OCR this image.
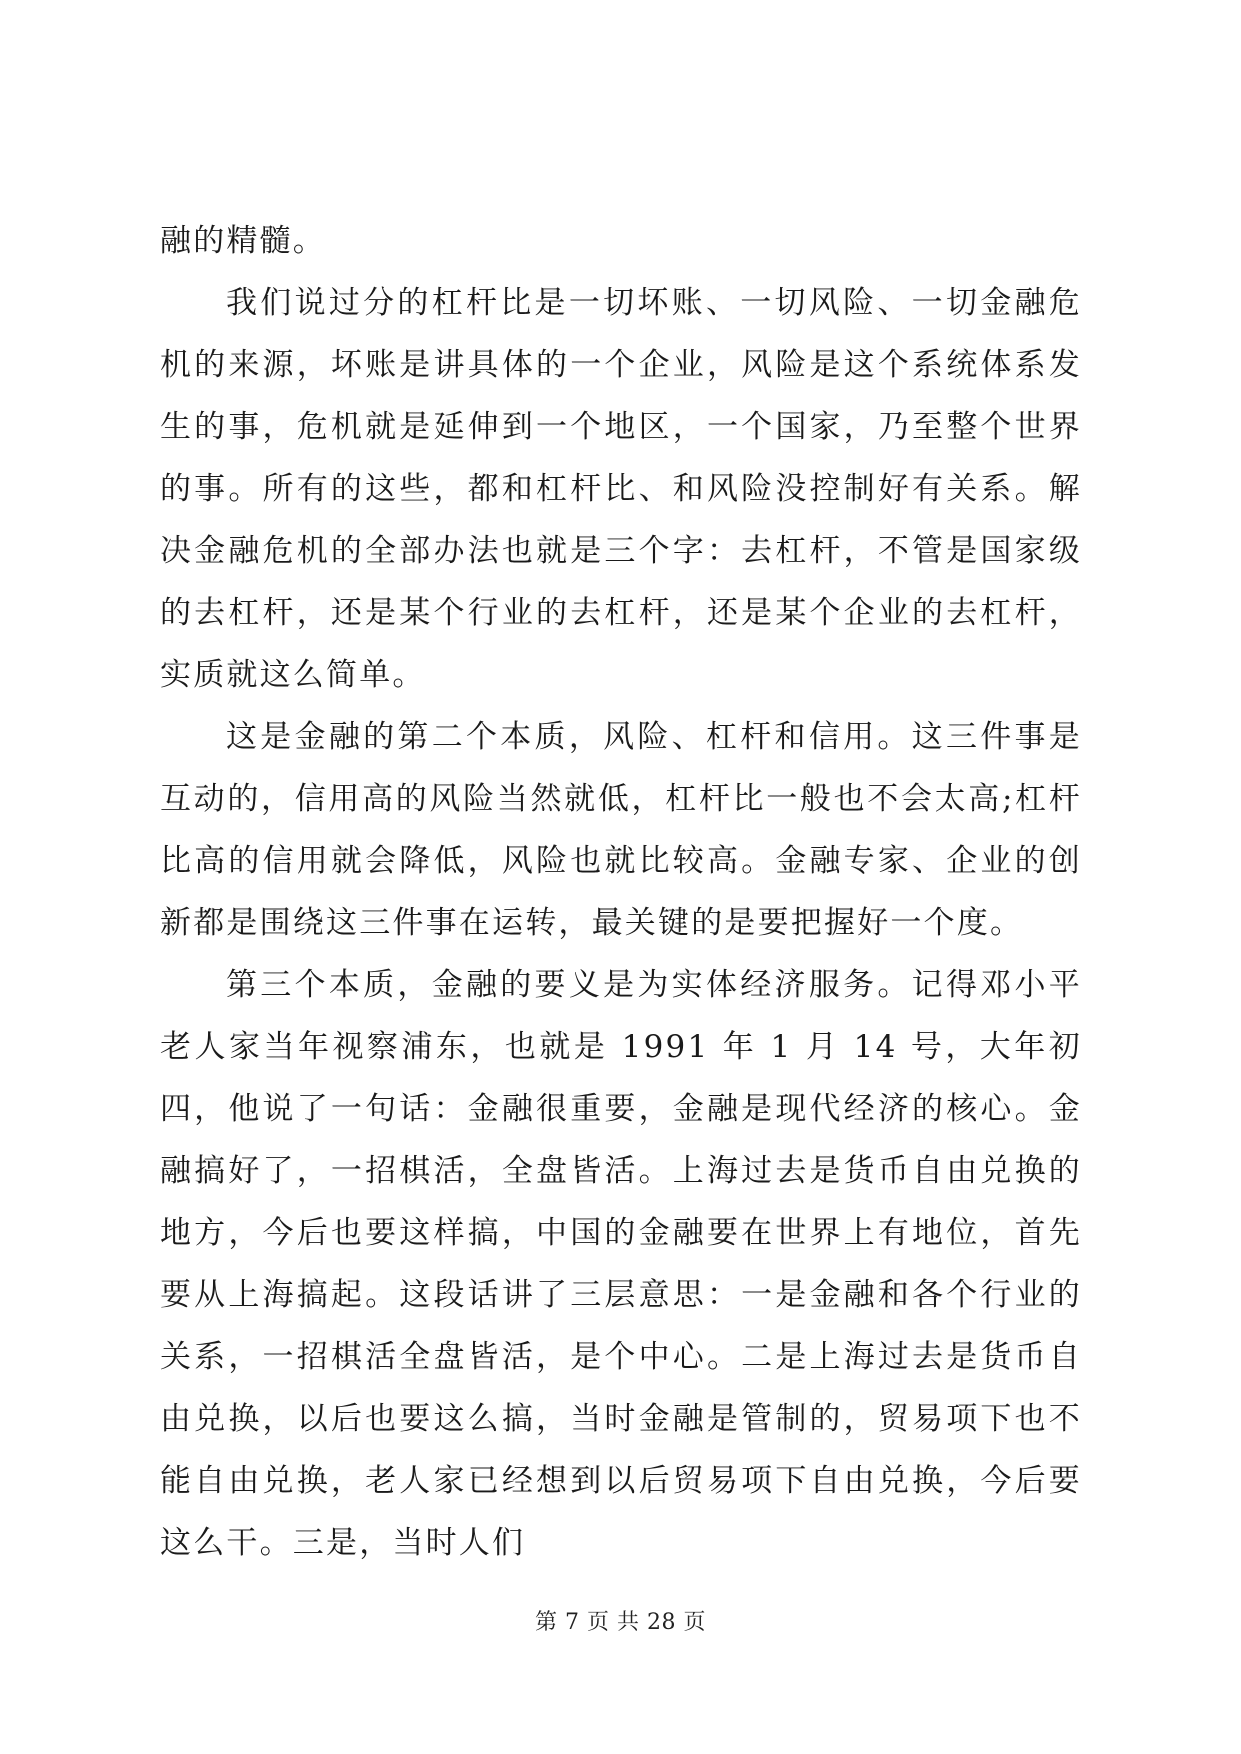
融的精髓。

我们说过分的杠杆比是一切坏账、一切风险、一切金融危机的来源，坏账是讲具体的一个企业，风险是这个系统体系发生的事，危机就是延伸到一个地区，一个国家，乃至整个世界的事。所有的这些，都和杠杆比、和风险没控制好有关系。解决金融危机的全部办法也就是三个字：去杠杆，不管是国家级的去杠杆，还是某个行业的去杠杆，还是某个企业的去杠杆，实质就这么简单。

这是金融的第二个本质，风险、杠杆和信用。这三件事是互动的，信用高的风险当然就低，杠杆比一般也不会太高;杠杆比高的信用就会降低，风险也就比较高。金融专家、企业的创新都是围绕这三件事在运转，最关键的是要把握好一个度。

第三个本质，金融的要义是为实体经济服务。记得邓小平老人家当年视察浦东，也就是 1991 年 1 月 14 号，大年初四，他说了一句话：金融很重要，金融是现代经济的核心。金融搞好了，一招棋活，全盘皆活。上海过去是货币自由兑换的地方，今后也要这样搞，中国的金融要在世界上有地位，首先要从上海搞起。这段话讲了三层意思：一是金融和各个行业的关系，一招棋活全盘皆活，是个中心。二是上海过去是货币自由兑换，以后也要这么搞，当时金融是管制的，贸易项下也不能自由兑换，老人家已经想到以后贸易项下自由兑换，今后要这么干。三是，当时人们

第 7 页 共 28 页
